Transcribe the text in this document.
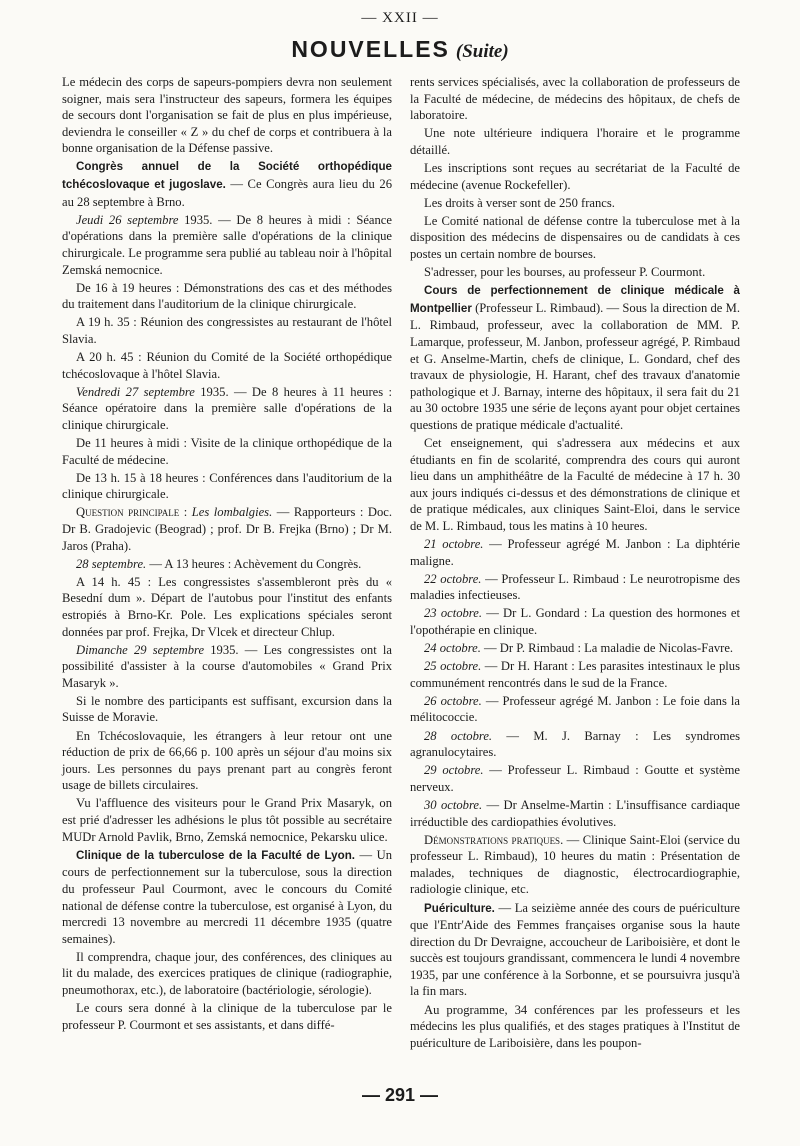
— XXII —
NOUVELLES (Suite)

Le médecin des corps de sapeurs-pompiers devra non seulement soigner, mais sera l'instructeur des sapeurs, formera les équipes de secours dont l'organisation se fait de plus en plus impérieuse, deviendra le conseiller « Z » du chef de corps et contribuera à la bonne organisation de la Défense passive.

Congrès annuel de la Société orthopédique tchécoslovaque et jugoslave. — Ce Congrès aura lieu du 26 au 28 septembre à Brno.

Jeudi 26 septembre 1935. — De 8 heures à midi : Séance d'opérations dans la première salle d'opérations de la clinique chirurgicale. Le programme sera publié au tableau noir à l'hôpital Zemská nemocnice.

De 16 à 19 heures : Démonstrations des cas et des méthodes du traitement dans l'auditorium de la clinique chirurgicale.

A 19 h. 35 : Réunion des congressistes au restaurant de l'hôtel Slavia.

A 20 h. 45 : Réunion du Comité de la Société orthopédique tchécoslovaque à l'hôtel Slavia.

Vendredi 27 septembre 1935. — De 8 heures à 11 heures : Séance opératoire dans la première salle d'opérations de la clinique chirurgicale.

De 11 heures à midi : Visite de la clinique orthopédique de la Faculté de médecine.

De 13 h. 15 à 18 heures : Conférences dans l'auditorium de la clinique chirurgicale.

Question principale : Les lombalgies. — Rapporteurs : Doc. Dr B. Gradojevic (Beograd) ; prof. Dr B. Frejka (Brno) ; Dr M. Jaros (Praha).

28 septembre. — A 13 heures : Achèvement du Congrès.

A 14 h. 45 : Les congressistes s'assembleront près du « Besední dum ». Départ de l'autobus pour l'institut des enfants estropiés à Brno-Kr. Pole. Les explications spéciales seront données par prof. Frejka, Dr Vlcek et directeur Chlup.

Dimanche 29 septembre 1935. — Les congressistes ont la possibilité d'assister à la course d'automobiles « Grand Prix Masaryk ».

Si le nombre des participants est suffisant, excursion dans la Suisse de Moravie.

En Tchécoslovaquie, les étrangers à leur retour ont une réduction de prix de 66,66 p. 100 après un séjour d'au moins six jours. Les personnes du pays prenant part au congrès feront usage de billets circulaires.

Vu l'affluence des visiteurs pour le Grand Prix Masaryk, on est prié d'adresser les adhésions le plus tôt possible au secrétaire MUDr Arnold Pavlik, Brno, Zemská nemocnice, Pekarsku ulice.

Clinique de la tuberculose de la Faculté de Lyon. — Un cours de perfectionnement sur la tuberculose, sous la direction du professeur Paul Courmont, avec le concours du Comité national de défense contre la tuberculose, est organisé à Lyon, du mercredi 13 novembre au mercredi 11 décembre 1935 (quatre semaines).

Il comprendra, chaque jour, des conférences, des cliniques au lit du malade, des exercices pratiques de clinique (radiographie, pneumothorax, etc.), de laboratoire (bactériologie, sérologie).

Le cours sera donné à la clinique de la tuberculose par le professeur P. Courmont et ses assistants, et dans diffé-

rents services spécialisés, avec la collaboration de professeurs de la Faculté de médecine, de médecins des hôpitaux, de chefs de laboratoire.

Une note ultérieure indiquera l'horaire et le programme détaillé.

Les inscriptions sont reçues au secrétariat de la Faculté de médecine (avenue Rockefeller).

Les droits à verser sont de 250 francs.

Le Comité national de défense contre la tuberculose met à la disposition des médecins de dispensaires ou de candidats à ces postes un certain nombre de bourses.

S'adresser, pour les bourses, au professeur P. Courmont.

Cours de perfectionnement de clinique médicale à Montpellier (Professeur L. Rimbaud). — Sous la direction de M. L. Rimbaud, professeur, avec la collaboration de MM. P. Lamarque, professeur, M. Janbon, professeur agrégé, P. Rimbaud et G. Anselme-Martin, chefs de clinique, L. Gondard, chef des travaux de physiologie, H. Harant, chef des travaux d'anatomie pathologique et J. Barnay, interne des hôpitaux, il sera fait du 21 au 30 octobre 1935 une série de leçons ayant pour objet certaines questions de pratique médicale d'actualité.

Cet enseignement, qui s'adressera aux médecins et aux étudiants en fin de scolarité, comprendra des cours qui auront lieu dans un amphithéâtre de la Faculté de médecine à 17 h. 30 aux jours indiqués ci-dessus et des démonstrations de clinique et de pratique médicales, aux cliniques Saint-Eloi, dans le service de M. L. Rimbaud, tous les matins à 10 heures.

21 octobre. — Professeur agrégé M. Janbon : La diphtérie maligne.

22 octobre. — Professeur L. Rimbaud : Le neurotropisme des maladies infectieuses.

23 octobre. — Dr L. Gondard : La question des hormones et l'opothérapie en clinique.

24 octobre. — Dr P. Rimbaud : La maladie de Nicolas-Favre.

25 octobre. — Dr H. Harant : Les parasites intestinaux le plus communément rencontrés dans le sud de la France.

26 octobre. — Professeur agrégé M. Janbon : Le foie dans la mélitococcie.

28 octobre. — M. J. Barnay : Les syndromes agranulocytaires.

29 octobre. — Professeur L. Rimbaud : Goutte et système nerveux.

30 octobre. — Dr Anselme-Martin : L'insuffisance cardiaque irréductible des cardiopathies évolutives.

Démonstrations pratiques. — Clinique Saint-Eloi (service du professeur L. Rimbaud), 10 heures du matin : Présentation de malades, techniques de diagnostic, électrocardiographie, radiologie clinique, etc.

Puériculture. — La seizième année des cours de puériculture que l'Entr'Aide des Femmes françaises organise sous la haute direction du Dr Devraigne, accoucheur de Lariboisière, et dont le succès est toujours grandissant, commencera le lundi 4 novembre 1935, par une conférence à la Sorbonne, et se poursuivra jusqu'à la fin mars.

Au programme, 34 conférences par les professeurs et les médecins les plus qualifiés, et des stages pratiques à l'Institut de puériculture de Lariboisière, dans les poupon-

— 291 —
